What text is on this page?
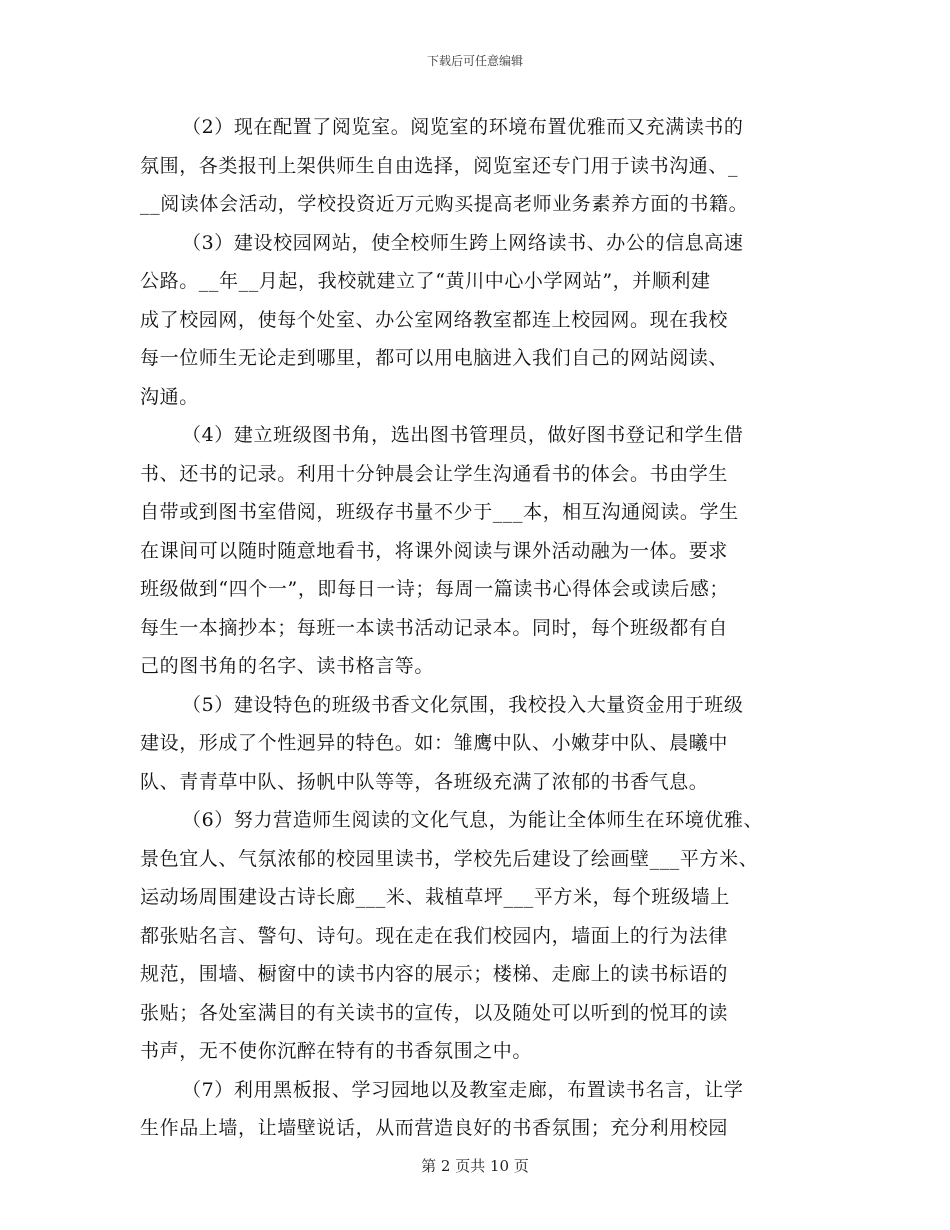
下载后可任意编辑
（2）现在配置了阅览室。阅览室的环境布置优雅而又充满读书的
氛围，各类报刊上架供师生自由选择，阅览室还专门用于读书沟通、_
__阅读体会活动，学校投资近万元购买提高老师业务素养方面的书籍。
（3）建设校园网站，使全校师生跨上网络读书、办公的信息高速
公路。__年__月起，我校就建立了“黄川中心小学网站”，并顺利建
成了校园网，使每个处室、办公室网络教室都连上校园网。现在我校
每一位师生无论走到哪里，都可以用电脑进入我们自己的网站阅读、
沟通。
（4）建立班级图书角，选出图书管理员，做好图书登记和学生借
书、还书的记录。利用十分钟晨会让学生沟通看书的体会。书由学生
自带或到图书室借阅，班级存书量不少于___本，相互沟通阅读。学生
在课间可以随时随意地看书，将课外阅读与课外活动融为一体。要求
班级做到“四个一”，即每日一诗；每周一篇读书心得体会或读后感；
每生一本摘抄本；每班一本读书活动记录本。同时，每个班级都有自
己的图书角的名字、读书格言等。
（5）建设特色的班级书香文化氛围，我校投入大量资金用于班级
建设，形成了个性迥异的特色。如：雏鹰中队、小嫩芽中队、晨曦中
队、青青草中队、扬帆中队等等，各班级充满了浓郁的书香气息。
（6）努力营造师生阅读的文化气息，为能让全体师生在环境优雅、
景色宜人、气氛浓郁的校园里读书，学校先后建设了绘画壁___平方米、
运动场周围建设古诗长廊___米、栽植草坪___平方米，每个班级墙上
都张贴名言、警句、诗句。现在走在我们校园内，墙面上的行为法律
规范，围墙、橱窗中的读书内容的展示；楼梯、走廊上的读书标语的
张贴；各处室满目的有关读书的宣传，以及随处可以听到的悦耳的读
书声，无不使你沉醉在特有的书香氛围之中。
（7）利用黑板报、学习园地以及教室走廊，布置读书名言，让学
生作品上墙，让墙壁说话，从而营造良好的书香氛围；充分利用校园
第 2 页共 10 页
